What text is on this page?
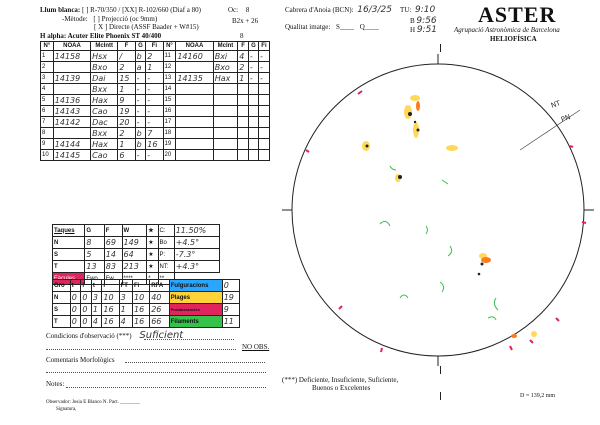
Llum blanca: [ ] R-70/350 / [XX] R-102/660 (Diaf a 80)	Oc: 8
-Mètode: [ ] Projecció (oc 9mm)	B2x + 26
[ X ] Directe (ASSF Baader + W#15)
H alpha: Acuter Elite Phoenix ST 40/400	8
Cabrera d'Anoia (BCN): 16/3/25
Qualitat imatge: S____ Q____
TU: 9:10
B 9:56
H 9:51
ASTER
Agrupació Astronòmica de Barcelona
HELIOFÍSICA
N°	NOAA	McIntt	F	G	Fi	N°	NOAA	McInt	F	G	Fi
1	14158	Hsx	/	b	2	11	14160	Bxi	4	-	-
2		Bxo	2	a	1	12		Bxo	2	-	-
3	14139	Dai	15	-	-	13	14135	Hax	1	-	-
4		Bxx	1	-	-	14					
5	14136	Hax	9	-	-	15					
6	14143	Cao	19	-	-	16					
7	14142	Dac	20	-	-	17					
8		Bxx	2	b	7	18					
9	14144	Hax	1	b	16	19					
10	14145	Cao	6	-	-	20					
Taques	G	F	W	★	C:	11.50%
N	8	69	149	★	Bo	+4.5°
S	5	14	64	★	P:	-7.3°
T	13	83	213	★	NT:	+4.3°
Fàcules	Fwo	Fw	****	*	**	
Gro	t	i	t	i	FT	Fi	RFA	Fulguracions	0
N	0	0	3	10	3	10	40	Plages	19
S	0	0	1	16	1	16	26	Protuberàncies	9
T	0	0	4	16	4	16	66	Filaments	11
Condicions d'observació (***) Suficient
NO OBS.
Comentaris Morfològics
Notes:
Observador: Josia E Blanco N. Pact. ________
Signatura,
(***) Deficiente, Insuficiente, Suficiente,
Buenos o Excelentes
D = 139,2 mm
NT
PN
